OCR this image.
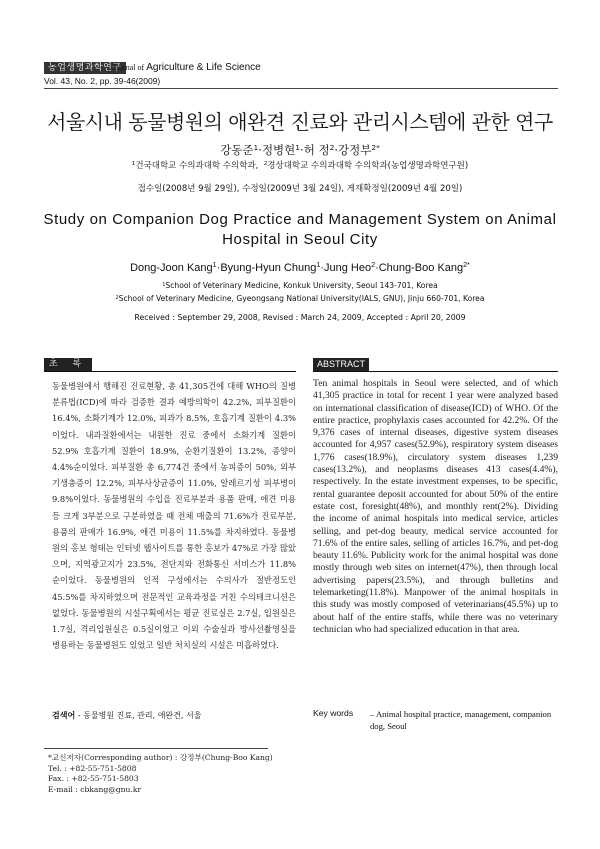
농업생명과학연구
Journal of Agriculture & Life Science
Vol. 43, No. 2, pp. 39-46(2009)
서울시내 동물병원의 애완견 진료와 관리시스템에 관한 연구
강동준$^1$·정병현$^1$·허 정$^2$·강정부$^{2*}$
$^1$건국대학교 수의과대학 수의학과, $^2$경상대학교 수의과대학 수의학과(농업생명과학연구원)
접수일(2008년 9월 29일), 수정일(2009년 3월 24일), 게재확정일(2009년 4월 20일)
Study on Companion Dog Practice and Management System on Animal
Hospital in Seoul City
Dong-Joon Kang$^1$·Byung-Hyun Chung$^1$·Jung Heo$^2$·Chung-Boo Kang$^{2*}$
$^1$School of Veterinary Medicine, Konkuk University, Seoul 143-701, Korea
$^2$School of Veterinary Medicine, Gyeongsang National University(IALS, GNU), Jinju 660-701, Korea
Received : September 29, 2008, Revised : March 24, 2009, Accepted : April 20, 2009
초 록	ABSTRACT

동물병원에서 행해진 진료현황, 총 41,305건에 대해 WHO의 질병분류법(ICD)에 따라 검증한 결과 예방의학이 42.2%, 피부질환이 16.4%, 소화기계가 12.0%, 피과가 8.5%, 호흡기계 질환이 4.3%이었다. 내과질환에서는 내원한 진료 중에서 소화기계 질환이 52.9% 호흡기계 질환이 18.9%, 순환기질환이 13.2%, 종양이 4.4%순이었다. 피부질환 총 6,774건 중에서 농피증이 50%, 외부기생충증이 12.2%, 피부사상균증이 11.0%, 알레르기성 피부병이 9.8%이었다. 동물병원의 수입을 진료부분과 용품 판매, 애견 미용 등 크게 3부분으로 구분하였을 때 전체 매출의 71.6%가 진료부분, 용품의 판매가 16.9%, 애견 미용이 11.5%를 차지하였다. 동물병원의 홍보 형태는 인터넷 웹사이트를 통한 홍보가 47%로 가장 많았으며, 지역광고지가 23.5%, 전단지와 전화통신 서비스가 11.8% 순이었다. 동물병원의 인적 구성에서는 수의사가 절반정도인 45.5%를 차지하였으며 전문적인 교육과정을 거친 수의테크니션은 없었다. 동물병원의 시설구획에서는 평균 진료실은 2.7실, 입원실은 1.7실, 격리입원실은 0.5실이었고 이외 수술실과 방사선촬영실을 병용하는 동물병원도 있었고 일반 처치실의 시설은 미흡하였다.

검색어 - 동물병원 진료, 관리, 애완견, 서울

Ten animal hospitals in Seoul were selected, and of which 41,305 practice in total for recent 1 year were analyzed based on international classification of disease(ICD) of WHO. Of the entire practice, prophylaxis cases accounted for 42.2%. Of the 9,376 cases of internal diseases, digestive system diseases accounted for 4,957 cases(52.9%), respiratory system diseases 1,776 cases(18.9%), circulatory system diseases 1,239 cases(13.2%), and neoplasms diseases 413 cases(4.4%), respectively. In the estate investment expenses, to be specific, rental guarantee deposit accounted for about 50% of the entire estate cost, foresight(48%), and monthly rent(2%). Dividing the income of animal hospitals into medical service, articles selling, and pet-dog beauty, medical service accounted for 71.6% of the entire sales, selling of articles 16.7%, and pet-dog beauty 11.6%. Publicity work for the animal hospital was done mostly through web sites on internet(47%), then through local advertising papers(23.5%), and through bulletins and telemarketing(11.8%). Manpower of the animal hospitals in this study was mostly composed of veterinarians(45.5%) up to about half of the entire staffs, while there was no veterinary technician who had specialized education in that area.

Key words – Animal hospital practice, management, companion dog, Seoul
*교신저자(Corresponding author) : 강정부(Chung-Boo Kang)
Tel. : +82-55-751-5808
Fax. : +82-55-751-5803
E-mail : cbkang@gnu.kr
